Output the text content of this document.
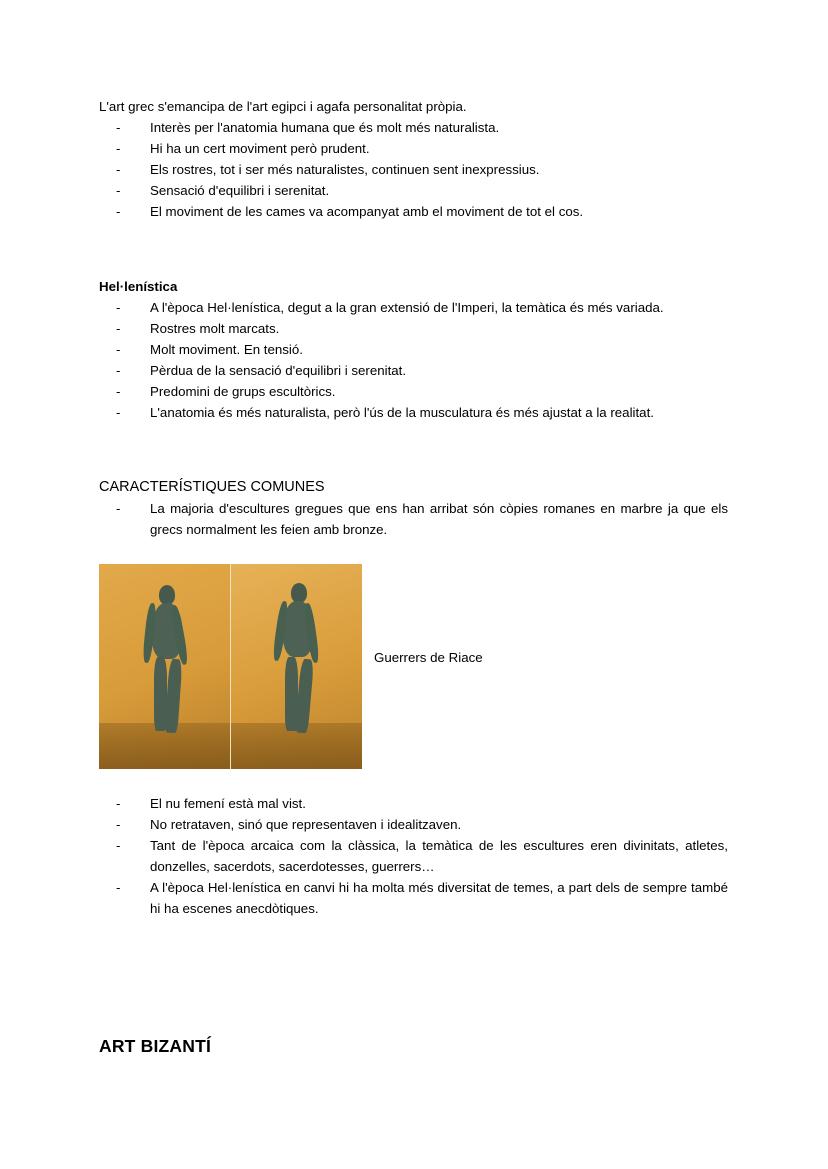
L'art grec s'emancipa de l'art egipci i agafa personalitat pròpia.

- Interès per l'anatomia humana que és molt més naturalista.
- Hi ha un cert moviment però prudent.
- Els rostres, tot i ser més naturalistes, continuen sent inexpressius.
- Sensació d'equilibri i serenitat.
- El moviment de les cames va acompanyat amb el moviment de tot el cos.

Hel·lenística

- A l'època Hel·lenística, degut a la gran extensió de l'Imperi, la temàtica és més variada.
- Rostres molt marcats.
- Molt moviment. En tensió.
- Pèrdua de la sensació d'equilibri i serenitat.
- Predomini de grups escultòrics.
- L'anatomia és més naturalista, però l'ús de la musculatura és més ajustat a la realitat.

CARACTERÍSTIQUES COMUNES

- La majoria d'escultures gregues que ens han arribat són còpies romanes en marbre ja que els grecs normalment les feien amb bronze.
Guerrers de Riace
- El nu femení està mal vist.
- No retrataven, sinó que representaven i idealitzaven.
- Tant de l'època arcaica com la clàssica, la temàtica de les escultures eren divinitats, atletes, donzelles, sacerdots, sacerdotesses, guerrers…
- A l'època Hel·lenística en canvi hi ha molta més diversitat de temes, a part dels de sempre també hi ha escenes anecdòtiques.
ART BIZANTÍ
